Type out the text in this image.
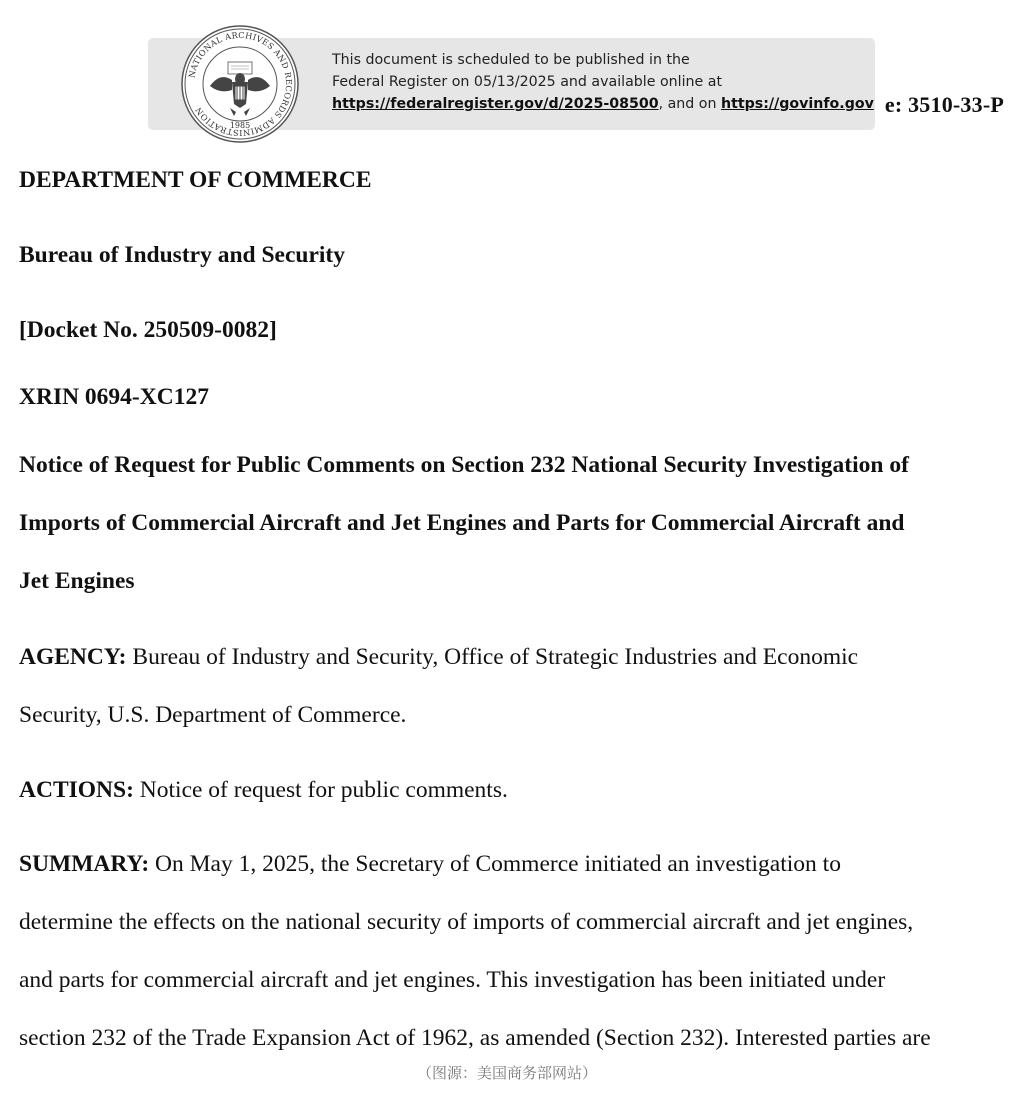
e: 3510-33-P
NATIONAL ARCHIVES AND RECORDS ADMINISTRATION
1985
This document is scheduled to be published in the
Federal Register on 05/13/2025 and available online at
https://federalregister.gov/d/2025-08500, and on https://govinfo.gov
DEPARTMENT OF COMMERCE
Bureau of Industry and Security
[Docket No. 250509-0082]
XRIN 0694-XC127
Notice of Request for Public Comments on Section 232 National Security Investigation of
Imports of Commercial Aircraft and Jet Engines and Parts for Commercial Aircraft and
Jet Engines
AGENCY: Bureau of Industry and Security, Office of Strategic Industries and Economic
Security, U.S. Department of Commerce.
ACTIONS: Notice of request for public comments.
SUMMARY: On May 1, 2025, the Secretary of Commerce initiated an investigation to
determine the effects on the national security of imports of commercial aircraft and jet engines,
and parts for commercial aircraft and jet engines. This investigation has been initiated under
section 232 of the Trade Expansion Act of 1962, as amended (Section 232). Interested parties are
（图源：美国商务部网站）
